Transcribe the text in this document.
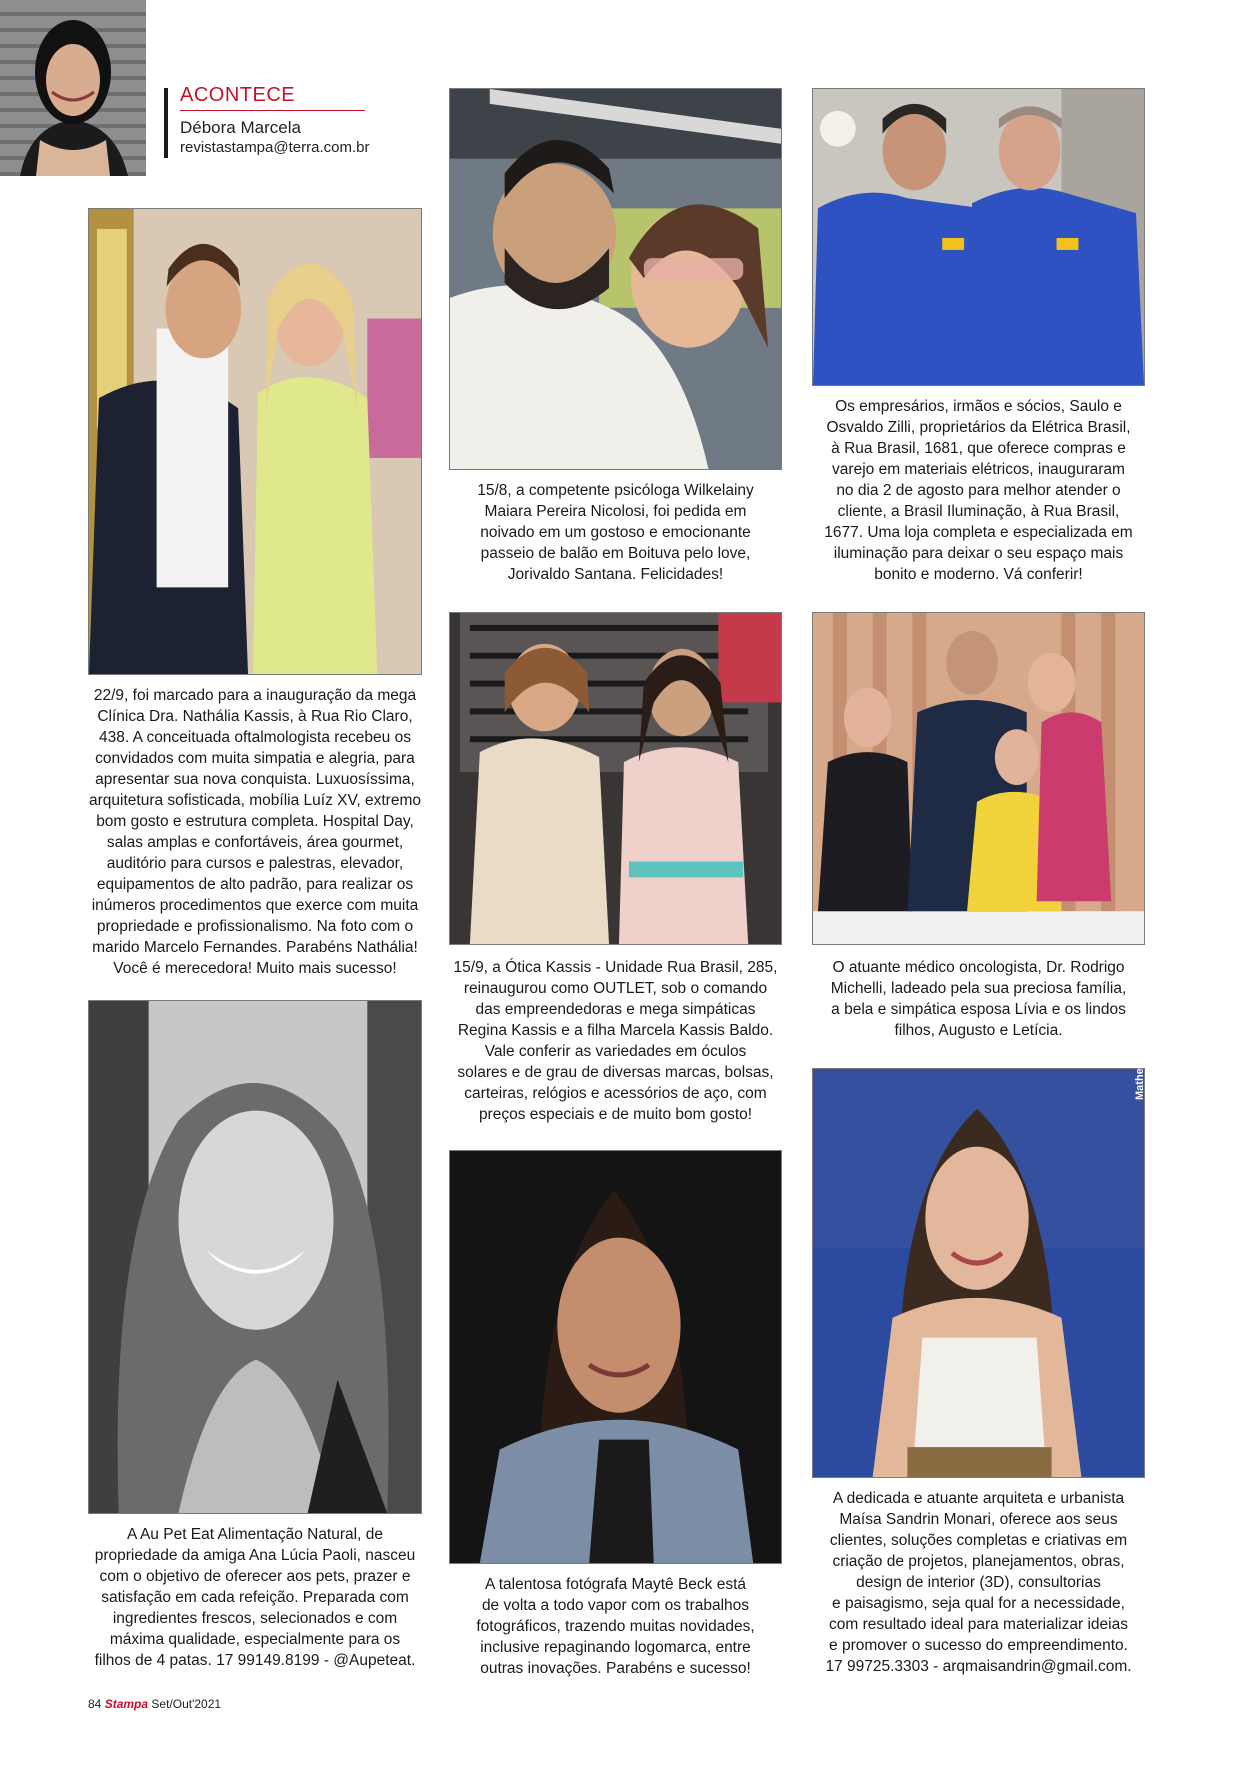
ACONTECE
Débora Marcela
revistastampa@terra.com.br
22/9, foi marcado para a inauguração da mega
Clínica Dra. Nathália Kassis, à Rua Rio Claro,
438. A conceituada oftalmologista recebeu os
convidados com muita simpatia e alegria, para
apresentar sua nova conquista. Luxuosíssima,
arquitetura sofisticada, mobília Luíz XV, extremo
bom gosto e estrutura completa. Hospital Day,
salas amplas e confortáveis, área gourmet,
auditório para cursos e palestras, elevador,
equipamentos de alto padrão, para realizar os
inúmeros procedimentos que exerce com muita
propriedade e profissionalismo. Na foto com o
marido Marcelo Fernandes. Parabéns Nathália!
Você é merecedora! Muito mais sucesso!
A Au Pet Eat Alimentação Natural, de
propriedade da amiga Ana Lúcia Paoli, nasceu
com o objetivo de oferecer aos pets, prazer e
satisfação em cada refeição. Preparada com
ingredientes frescos, selecionados e com
máxima qualidade, especialmente para os
filhos de 4 patas. 17 99149.8199 - @Aupeteat.
15/8, a competente psicóloga Wilkelainy
Maiara Pereira Nicolosi, foi pedida em
noivado em um gostoso e emocionante
passeio de balão em Boituva pelo love,
Jorivaldo Santana. Felicidades!
15/9, a Ótica Kassis - Unidade Rua Brasil, 285,
reinaugurou como OUTLET, sob o comando
das empreendedoras e mega simpáticas
Regina Kassis e a filha Marcela Kassis Baldo.
Vale conferir as variedades em óculos
solares e de grau de diversas marcas, bolsas,
carteiras, relógios e acessórios de aço, com
preços especiais e de muito bom gosto!
A talentosa fotógrafa Maytê Beck está
de volta a todo vapor com os trabalhos
fotográficos, trazendo muitas novidades,
inclusive repaginando logomarca, entre
outras inovações. Parabéns e sucesso!
Os empresários, irmãos e sócios, Saulo e
Osvaldo Zilli, proprietários da Elétrica Brasil,
à Rua Brasil, 1681, que oferece compras e
varejo em materiais elétricos, inauguraram
no dia 2 de agosto para melhor atender o
cliente, a Brasil Iluminação, à Rua Brasil,
1677. Uma loja completa e especializada em
iluminação para deixar o seu espaço mais
bonito e moderno. Vá conferir!
O atuante médico oncologista, Dr. Rodrigo
Michelli, ladeado pela sua preciosa família,
a bela e simpática esposa Lívia e os lindos
filhos, Augusto e Letícia.	Matheus Fonseca
A dedicada e atuante arquiteta e urbanista
Maísa Sandrin Monari, oferece aos seus
clientes, soluções completas e criativas em
criação de projetos, planejamentos, obras,
design de interior (3D), consultorias
e paisagismo, seja qual for a necessidade,
com resultado ideal para materializar ideias
e promover o sucesso do empreendimento.
17 99725.3303 - arqmaisandrin@gmail.com.
84 Stampa Set/Out'2021
